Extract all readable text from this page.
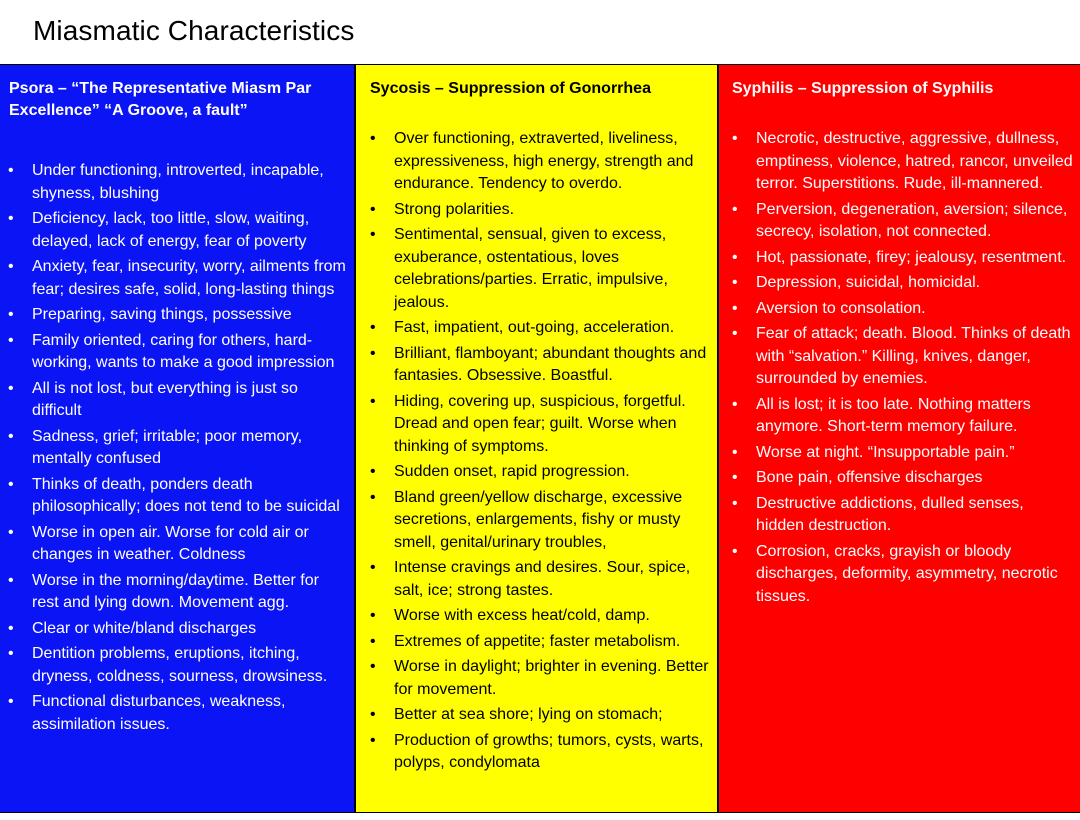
Miasmatic Characteristics
Psora – “The Representative Miasm Par Excellence” “A Groove, a fault”
• Under functioning, introverted, incapable, shyness, blushing
• Deficiency, lack, too little, slow, waiting, delayed, lack of energy, fear of poverty
• Anxiety, fear, insecurity, worry, ailments from fear; desires safe, solid, long-lasting things
• Preparing, saving things, possessive
• Family oriented, caring for others, hard-working, wants to make a good impression
• All is not lost, but everything is just so difficult
• Sadness, grief; irritable; poor memory, mentally confused
• Thinks of death, ponders death philosophically; does not tend to be suicidal
• Worse in open air. Worse for cold air or changes in weather. Coldness
• Worse in the morning/daytime. Better for rest and lying down. Movement agg.
• Clear or white/bland discharges
• Dentition problems, eruptions, itching, dryness, coldness, sourness, drowsiness.
• Functional disturbances, weakness, assimilation issues.
Sycosis – Suppression of Gonorrhea
• Over functioning, extraverted, liveliness, expressiveness, high energy, strength and endurance. Tendency to overdo.
• Strong polarities.
• Sentimental, sensual, given to excess, exuberance, ostentatious, loves celebrations/parties. Erratic, impulsive, jealous.
• Fast, impatient, out-going, acceleration.
• Brilliant, flamboyant; abundant thoughts and fantasies. Obsessive. Boastful.
• Hiding, covering up, suspicious, forgetful. Dread and open fear; guilt. Worse when thinking of symptoms.
• Sudden onset, rapid progression.
• Bland green/yellow discharge, excessive secretions, enlargements, fishy or musty smell, genital/urinary troubles,
• Intense cravings and desires. Sour, spice, salt, ice; strong tastes.
• Worse with excess heat/cold, damp.
• Extremes of appetite; faster metabolism.
• Worse in daylight; brighter in evening. Better for movement.
• Better at sea shore; lying on stomach;
• Production of growths; tumors, cysts, warts, polyps, condylomata
Syphilis – Suppression of Syphilis
• Necrotic, destructive, aggressive, dullness, emptiness, violence, hatred, rancor, unveiled terror. Superstitions. Rude, ill-mannered.
• Perversion, degeneration, aversion; silence, secrecy, isolation, not connected.
• Hot, passionate, firey; jealousy, resentment.
• Depression, suicidal, homicidal.
• Aversion to consolation.
• Fear of attack; death. Blood. Thinks of death with “salvation.” Killing, knives, danger, surrounded by enemies.
• All is lost; it is too late. Nothing matters anymore. Short-term memory failure.
• Worse at night. “Insupportable pain.”
• Bone pain, offensive discharges
• Destructive addictions, dulled senses, hidden destruction.
• Corrosion, cracks, grayish or bloody discharges, deformity, asymmetry, necrotic tissues.
